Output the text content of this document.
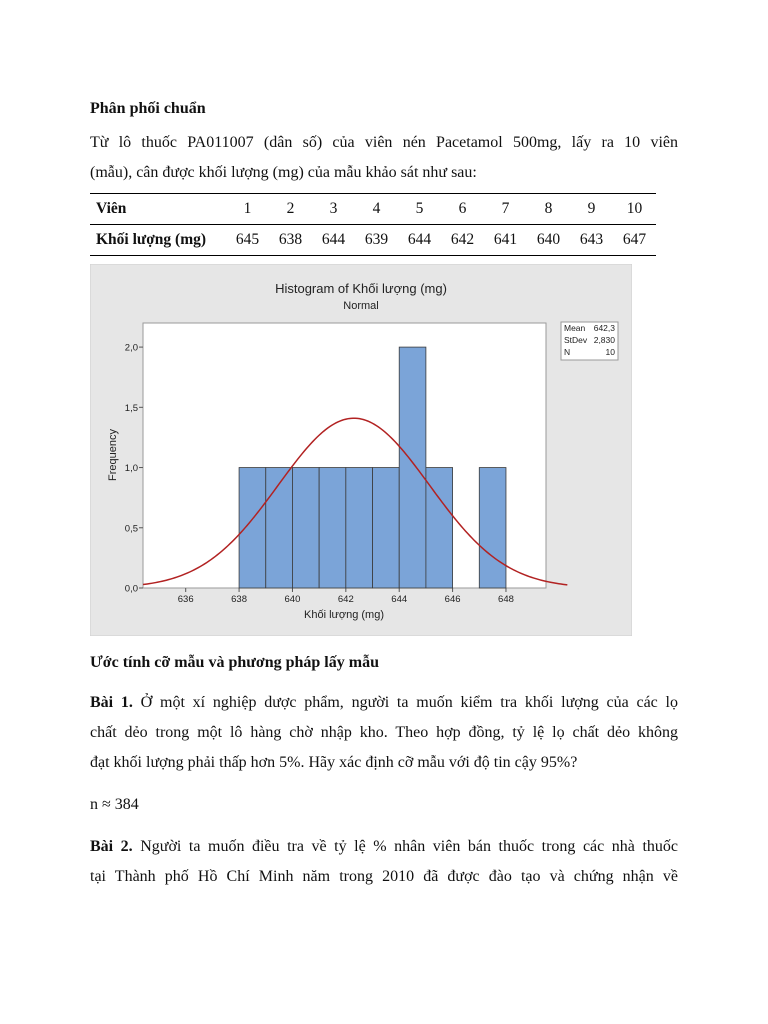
Phân phối chuẩn
Từ lô thuốc PA011007 (dân số) của viên nén Pacetamol 500mg, lấy ra 10 viên
(mẫu), cân được khối lượng (mg) của mẫu khảo sát như sau:
Viên	1	2	3	4	5	6	7	8	9	10
Khối lượng (mg)	645	638	644	639	644	642	641	640	643	647
Histogram of Khối lượng (mg)
Normal
0,0
0,5
1,0
1,5
2,0
636	638	640	642	644	646	648
Frequency
Khối lượng (mg)
Mean 642,3
StDev 2,830
N	10
Ước tính cỡ mẫu và phương pháp lấy mẫu
Bài 1. Ở một xí nghiệp dược phẩm, người ta muốn kiểm tra khối lượng của các lọ
chất dẻo trong một lô hàng chờ nhập kho. Theo hợp đồng, tỷ lệ lọ chất dẻo không
đạt khối lượng phải thấp hơn 5%. Hãy xác định cỡ mẫu với độ tin cậy 95%?
n ≈ 384
Bài 2. Người ta muốn điều tra về tỷ lệ % nhân viên bán thuốc trong các nhà thuốc
tại Thành phố Hồ Chí Minh năm trong 2010 đã được đào tạo và chứng nhận về
